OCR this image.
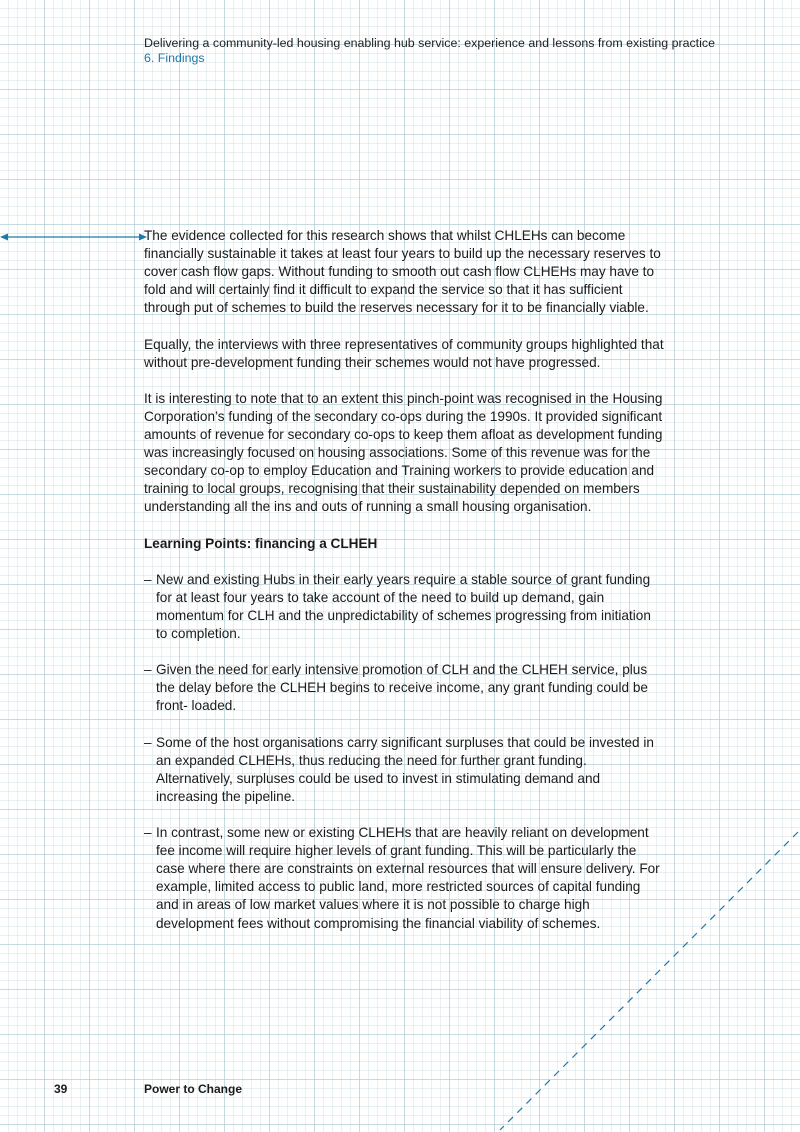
Delivering a community-led housing enabling hub service: experience and lessons from existing practice
6. Findings

The evidence collected for this research shows that whilst CHLEHs can become financially sustainable it takes at least four years to build up the necessary reserves to cover cash flow gaps. Without funding to smooth out cash flow CLHEHs may have to fold and will certainly find it difficult to expand the service so that it has sufficient through put of schemes to build the reserves necessary for it to be financially viable.

Equally, the interviews with three representatives of community groups highlighted that without pre-development funding their schemes would not have progressed.

It is interesting to note that to an extent this pinch-point was recognised in the Housing Corporation’s funding of the secondary co-ops during the 1990s. It provided significant amounts of revenue for secondary co-ops to keep them afloat as development funding was increasingly focused on housing associations. Some of this revenue was for the secondary co-op to employ Education and Training workers to provide education and training to local groups, recognising that their sustainability depended on members understanding all the ins and outs of running a small housing organisation.

Learning Points: financing a CLHEH
– New and existing Hubs in their early years require a stable source of grant funding for at least four years to take account of the need to build up demand, gain momentum for CLH and the unpredictability of schemes progressing from initiation to completion.
– Given the need for early intensive promotion of CLH and the CLHEH service, plus the delay before the CLHEH begins to receive income, any grant funding could be front- loaded.
– Some of the host organisations carry significant surpluses that could be invested in an expanded CLHEHs, thus reducing the need for further grant funding. Alternatively, surpluses could be used to invest in stimulating demand and increasing the pipeline.
– In contrast, some new or existing CLHEHs that are heavily reliant on development fee income will require higher levels of grant funding. This will be particularly the case where there are constraints on external resources that will ensure delivery. For example, limited access to public land, more restricted sources of capital funding and in areas of low market values where it is not possible to charge high development fees without compromising the financial viability of schemes.
39	Power to Change
